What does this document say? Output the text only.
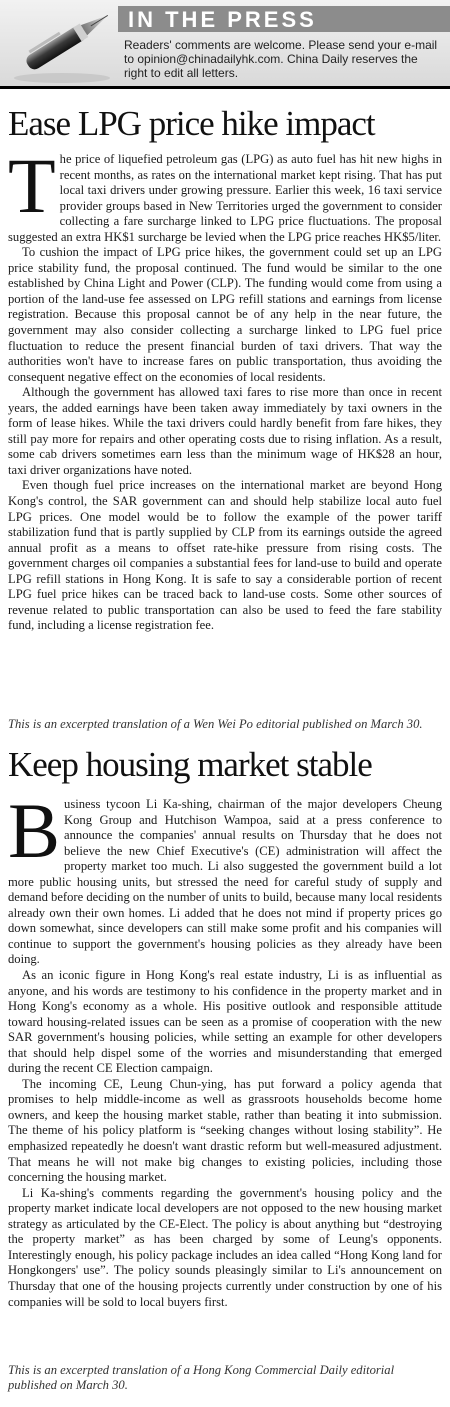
IN THE PRESS
Readers' comments are welcome. Please send your e-mail to opinion@chinadailyhk.com. China Daily reserves the right to edit all letters.
Ease LPG price hike impact

The price of liquefied petroleum gas (LPG) as auto fuel has hit new highs in recent months, as rates on the international market kept rising. That has put local taxi drivers under growing pressure. Earlier this week, 16 taxi service provider groups based in New Territories urged the government to consider collecting a fare surcharge linked to LPG price fluctuations. The proposal suggested an extra HK$1 surcharge be levied when the LPG price reaches HK$5/liter.

To cushion the impact of LPG price hikes, the government could set up an LPG price stability fund, the proposal continued. The fund would be similar to the one established by China Light and Power (CLP). The funding would come from using a portion of the land-use fee assessed on LPG refill stations and earnings from license registration. Because this proposal cannot be of any help in the near future, the government may also consider collecting a surcharge linked to LPG fuel price fluctuation to reduce the present financial burden of taxi drivers. That way the authorities won't have to increase fares on public transportation, thus avoiding the consequent negative effect on the economies of local residents.

Although the government has allowed taxi fares to rise more than once in recent years, the added earnings have been taken away immediately by taxi owners in the form of lease hikes. While the taxi drivers could hardly benefit from fare hikes, they still pay more for repairs and other operating costs due to rising inflation. As a result, some cab drivers sometimes earn less than the minimum wage of HK$28 an hour, taxi driver organizations have noted.

Even though fuel price increases on the international market are beyond Hong Kong's control, the SAR government can and should help stabilize local auto fuel LPG prices. One model would be to follow the example of the power tariff stabilization fund that is partly supplied by CLP from its earnings outside the agreed annual profit as a means to offset rate-hike pressure from rising costs. The government charges oil companies a substantial fees for land-use to build and operate LPG refill stations in Hong Kong. It is safe to say a considerable portion of recent LPG fuel price hikes can be traced back to land-use costs. Some other sources of revenue related to public transportation can also be used to feed the fare stability fund, including a license registration fee.

This is an excerpted translation of a Wen Wei Po editorial published on March 30.

Keep housing market stable

Business tycoon Li Ka-shing, chairman of the major developers Cheung Kong Group and Hutchison Wampoa, said at a press conference to announce the companies' annual results on Thursday that he does not believe the new Chief Executive's (CE) administration will affect the property market too much. Li also suggested the government build a lot more public housing units, but stressed the need for careful study of supply and demand before deciding on the number of units to build, because many local residents already own their own homes. Li added that he does not mind if property prices go down somewhat, since developers can still make some profit and his companies will continue to support the government's housing policies as they already have been doing.

As an iconic figure in Hong Kong's real estate industry, Li is as influential as anyone, and his words are testimony to his confidence in the property market and in Hong Kong's economy as a whole. His positive outlook and responsible attitude toward housing-related issues can be seen as a promise of cooperation with the new SAR government's housing policies, while setting an example for other developers that should help dispel some of the worries and misunderstanding that emerged during the recent CE Election campaign.

The incoming CE, Leung Chun-ying, has put forward a policy agenda that promises to help middle-income as well as grassroots households become home owners, and keep the housing market stable, rather than beating it into submission. The theme of his policy platform is “seeking changes without losing stability”. He emphasized repeatedly he doesn't want drastic reform but well-measured adjustment. That means he will not make big changes to existing policies, including those concerning the housing market.

Li Ka-shing's comments regarding the government's housing policy and the property market indicate local developers are not opposed to the new housing market strategy as articulated by the CE-Elect. The policy is about anything but “destroying the property market” as has been charged by some of Leung's opponents. Interestingly enough, his policy package includes an idea called “Hong Kong land for Hongkongers' use”. The policy sounds pleasingly similar to Li's announcement on Thursday that one of the housing projects currently under construction by one of his companies will be sold to local buyers first.

This is an excerpted translation of a Hong Kong Commercial Daily editorial published on March 30.
